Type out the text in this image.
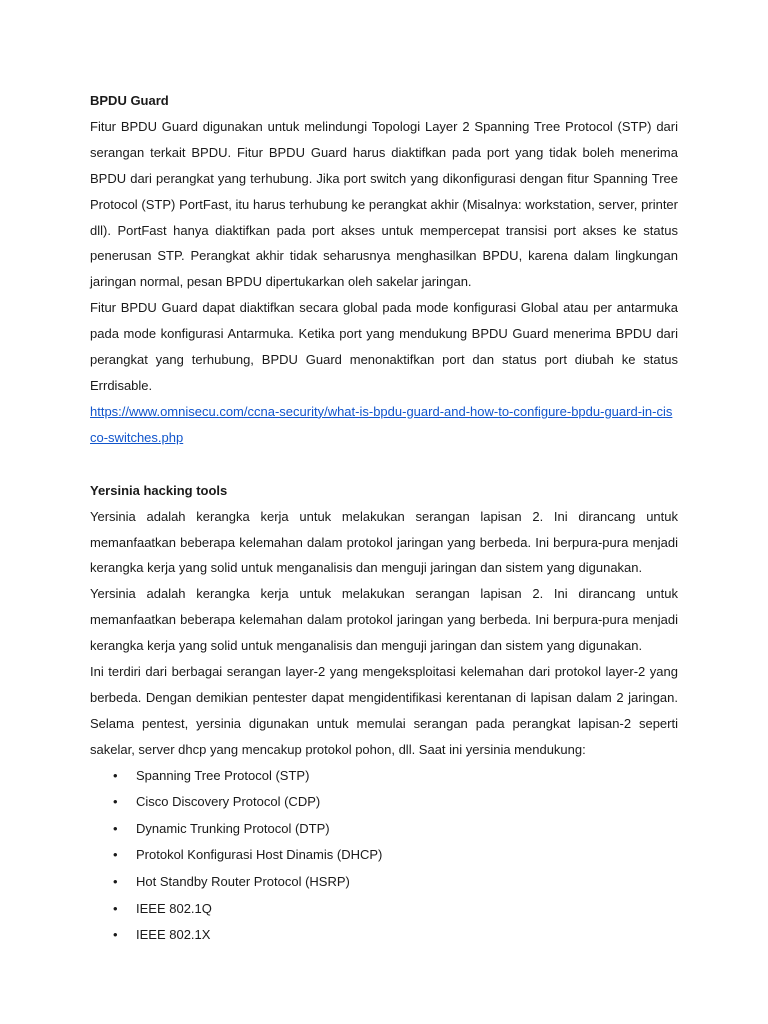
BPDU Guard

Fitur BPDU Guard digunakan untuk melindungi Topologi Layer 2 Spanning Tree Protocol (STP) dari serangan terkait BPDU. Fitur BPDU Guard harus diaktifkan pada port yang tidak boleh menerima BPDU dari perangkat yang terhubung. Jika port switch yang dikonfigurasi dengan fitur Spanning Tree Protocol (STP) PortFast, itu harus terhubung ke perangkat akhir (Misalnya: workstation, server, printer dll). PortFast hanya diaktifkan pada port akses untuk mempercepat transisi port akses ke status penerusan STP. Perangkat akhir tidak seharusnya menghasilkan BPDU, karena dalam lingkungan jaringan normal, pesan BPDU dipertukarkan oleh sakelar jaringan.

Fitur BPDU Guard dapat diaktifkan secara global pada mode konfigurasi Global atau per antarmuka pada mode konfigurasi Antarmuka. Ketika port yang mendukung BPDU Guard menerima BPDU dari perangkat yang terhubung, BPDU Guard menonaktifkan port dan status port diubah ke status Errdisable.

https://www.omnisecu.com/ccna-security/what-is-bpdu-guard-and-how-to-configure-bpdu-guard-in-cisco-switches.php

Yersinia hacking tools

Yersinia adalah kerangka kerja untuk melakukan serangan lapisan 2. Ini dirancang untuk memanfaatkan beberapa kelemahan dalam protokol jaringan yang berbeda. Ini berpura-pura menjadi kerangka kerja yang solid untuk menganalisis dan menguji jaringan dan sistem yang digunakan.

Yersinia adalah kerangka kerja untuk melakukan serangan lapisan 2. Ini dirancang untuk memanfaatkan beberapa kelemahan dalam protokol jaringan yang berbeda. Ini berpura-pura menjadi kerangka kerja yang solid untuk menganalisis dan menguji jaringan dan sistem yang digunakan.

Ini terdiri dari berbagai serangan layer-2 yang mengeksploitasi kelemahan dari protokol layer-2 yang berbeda. Dengan demikian pentester dapat mengidentifikasi kerentanan di lapisan dalam 2 jaringan. Selama pentest, yersinia digunakan untuk memulai serangan pada perangkat lapisan-2 seperti sakelar, server dhcp yang mencakup protokol pohon, dll. Saat ini yersinia mendukung:

• Spanning Tree Protocol (STP)
• Cisco Discovery Protocol (CDP)
• Dynamic Trunking Protocol (DTP)
• Protokol Konfigurasi Host Dinamis (DHCP)
• Hot Standby Router Protocol (HSRP)
• IEEE 802.1Q
• IEEE 802.1X
